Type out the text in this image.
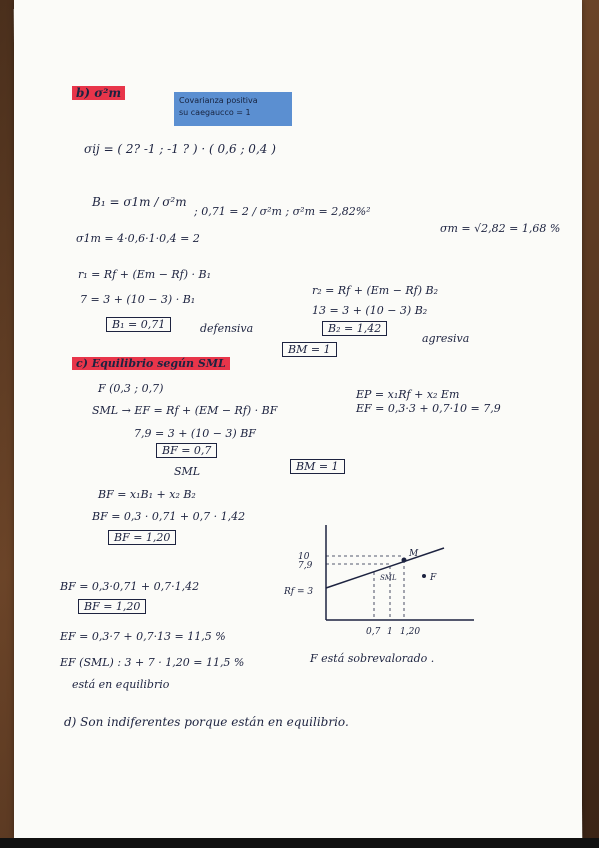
b) σ²m
Covarianza positiva
su caegaucco = 1
σij = ( 2? -1 ; -1 ? ) · ( 0,6 ; 0,4 )
B₁ = σ1m / σ²m
; 0,71 = 2 / σ²m ; σ²m = 2,82%²
σm = √2,82 = 1,68 %
σ1m = 4·0,6·1·0,4 = 2
r₁ = Rf + (Em − Rf) · B₁
7 = 3 + (10 − 3) · B₁
r₂ = Rf + (Em − Rf) B₂
13 = 3 + (10 − 3) B₂
B₁ = 0,71	defensiva	B₂ = 1,42
agresiva
BM = 1
c) Equilibrio según SML
F (0,3 ; 0,7)
SML → EF = Rf + (EM − Rf) · BF
EP = x₁Rf + x₂ Em
7,9 = 3 + (10 − 3) BF
EF = 0,3·3 + 0,7·10 = 7,9
BF = 0,7
SML	BM = 1
BF = x₁B₁ + x₂ B₂
BF = 0,3 · 0,71 + 0,7 · 1,42
BF = 1,20
BF = 0,3·0,71 + 0,7·1,42
BF = 1,20
EF = 0,3·7 + 0,7·13 = 11,5 %
EF (SML) : 3 + 7 · 1,20 = 11,5 %
está en equilibrio
F está sobrevalorado .
d) Son indiferentes porque están en equilibrio.
10
7,9
Rf = 3
0,7 1 1,20
M
SML	F
